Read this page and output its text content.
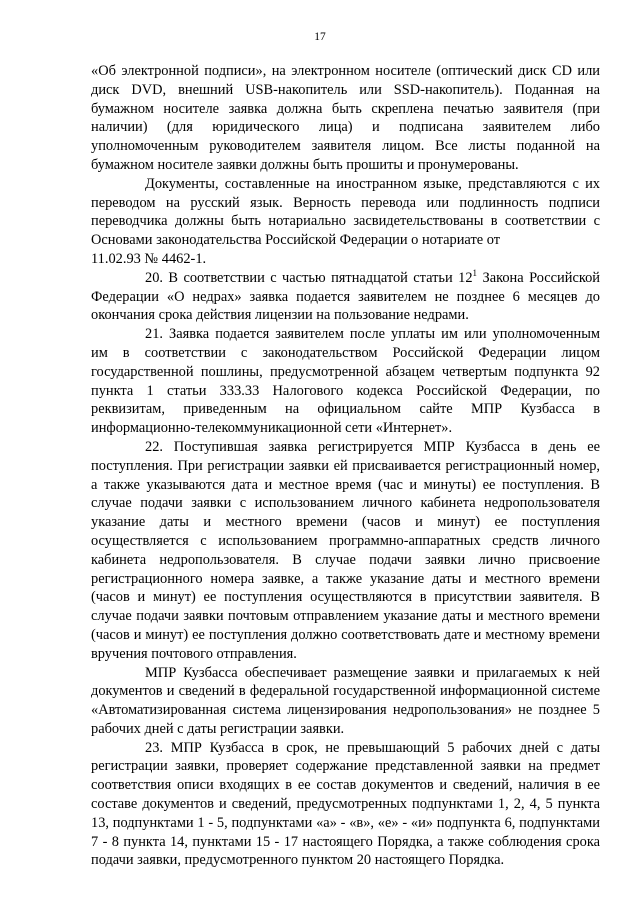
17

«Об электронной подписи», на электронном носителе (оптический диск CD или диск DVD, внешний USB-накопитель или SSD-накопитель). Поданная на бумажном носителе заявка должна быть скреплена печатью заявителя (при наличии) (для юридического лица) и подписана заявителем либо уполномоченным руководителем заявителя лицом. Все листы поданной на бумажном носителе заявки должны быть прошиты и пронумерованы.

Документы, составленные на иностранном языке, представляются с их переводом на русский язык. Верность перевода или подлинность подписи переводчика должны быть нотариально засвидетельствованы в соответствии с Основами законодательства Российской Федерации о нотариате от

11.02.93 № 4462-1.

20. В соответствии с частью пятнадцатой статьи $12^1$ Закона Российской Федерации «О недрах» заявка подается заявителем не позднее 6 месяцев до окончания срока действия лицензии на пользование недрами.

21. Заявка подается заявителем после уплаты им или уполномоченным им в соответствии с законодательством Российской Федерации лицом государственной пошлины, предусмотренной абзацем четвертым подпункта 92 пункта 1 статьи 333.33 Налогового кодекса Российской Федерации, по реквизитам, приведенным на официальном сайте МПР Кузбасса в информационно-телекоммуникационной сети «Интернет».

22. Поступившая заявка регистрируется МПР Кузбасса в день ее поступления. При регистрации заявки ей присваивается регистрационный номер, а также указываются дата и местное время (час и минуты) ее поступления. В случае подачи заявки с использованием личного кабинета недропользователя указание даты и местного времени (часов и минут) ее поступления осуществляется с использованием программно-аппаратных средств личного кабинета недропользователя. В случае подачи заявки лично присвоение регистрационного номера заявке, а также указание даты и местного времени (часов и минут) ее поступления осуществляются в присутствии заявителя. В случае подачи заявки почтовым отправлением указание даты и местного времени (часов и минут) ее поступления должно соответствовать дате и местному времени вручения почтового отправления.

МПР Кузбасса обеспечивает размещение заявки и прилагаемых к ней документов и сведений в федеральной государственной информационной системе «Автоматизированная система лицензирования недропользования» не позднее 5 рабочих дней с даты регистрации заявки.

23. МПР Кузбасса в срок, не превышающий 5 рабочих дней с даты регистрации заявки, проверяет содержание представленной заявки на предмет соответствия описи входящих в ее состав документов и сведений, наличия в ее составе документов и сведений, предусмотренных подпунктами 1, 2, 4, 5 пункта 13, подпунктами 1 - 5, подпунктами «а» - «в», «е» - «и» подпункта 6, подпунктами 7 - 8 пункта 14, пунктами 15 - 17 настоящего Порядка, а также соблюдения срока подачи заявки, предусмотренного пунктом 20 настоящего Порядка.
